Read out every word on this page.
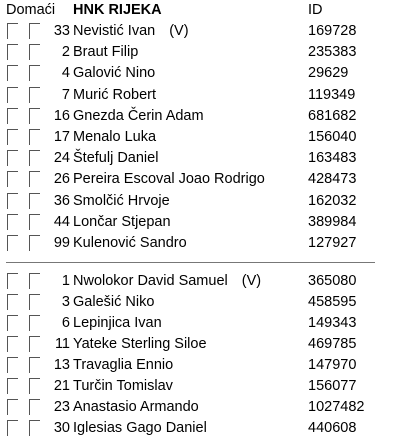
Domaći HNK RIJEKA	ID
33 Nevistić Ivan (V)	169728
2 Braut Filip	235383
4 Galović Nino	29629
7 Murić Robert	119349
16 Gnezda Čerin Adam	681682
17 Menalo Luka	156040
24 Štefulj Daniel	163483
26 Pereira Escoval Joao Rodrigo	428473
36 Smolčić Hrvoje	162032
44 Lončar Stjepan	389984
99 Kulenović Sandro	127927
1 Nwolokor David Samuel (V)	365080
3 Galešić Niko	458595
6 Lepinjica Ivan	149343
11 Yateke Sterling Siloe	469785
13 Travaglia Ennio	147970
21 Turčin Tomislav	156077
23 Anastasio Armando	1027482
30 Iglesias Gago Daniel	440608
